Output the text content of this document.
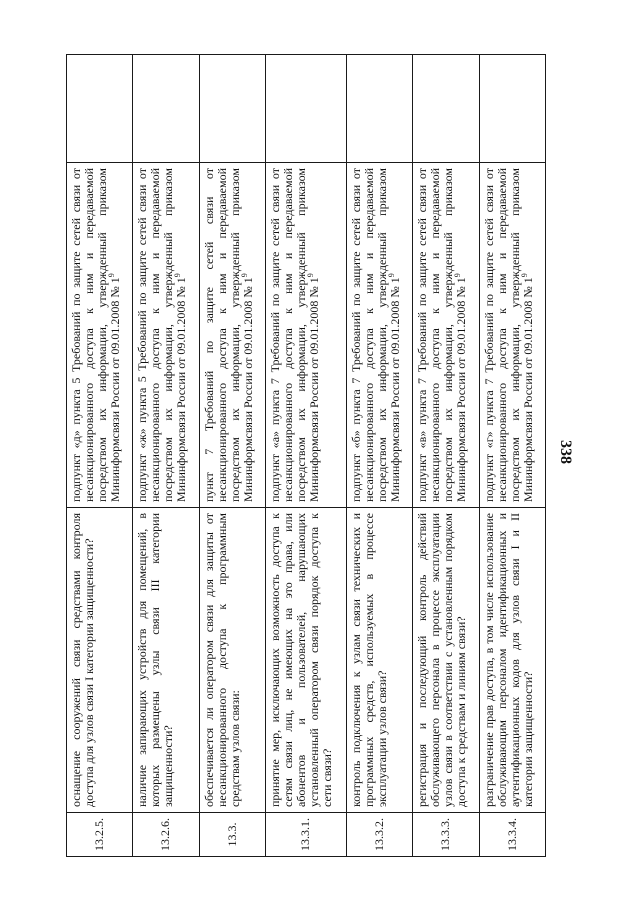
338
13.2.5.	оснащение сооружений связи средствами контроля доступа для узлов связи I категории защищенности?	подпункт «д» пункта 5 Требований по защите сетей связи от несанкционированного доступа к ним и передаваемой посредством их информации, утвержденный приказом Мининформсвязи России от 09.01.2008 № $1^9$	
13.2.6.	наличие запирающих устройств для помещений, в которых размещены узлы связи III категории защищенности?	подпункт «ж» пункта 5 Требований по защите сетей связи от несанкционированного доступа к ним и передаваемой посредством их информации, утвержденный приказом Мининформсвязи России от 09.01.2008 № $1^9$	
13.3.	обеспечивается ли оператором связи для защиты от несанкционированного доступа к программным средствам узлов связи:	пункт 7 Требований по защите сетей связи от несанкционированного доступа к ним и передаваемой посредством их информации, утвержденный приказом Мининформсвязи России от 09.01.2008 № $1^9$	
13.3.1.	принятие мер, исключающих возможность доступа к сетям связи лиц, не имеющих на это права, или абонентов и пользователей, нарушающих установленный оператором связи порядок доступа к сети связи?	подпункт «а» пункта 7 Требований по защите сетей связи от несанкционированного доступа к ним и передаваемой посредством их информации, утвержденный приказом Мининформсвязи России от 09.01.2008 № $1^9$	
13.3.2.	контроль подключения к узлам связи технических и программных средств, используемых в процессе эксплуатации узлов связи?	подпункт «б» пункта 7 Требований по защите сетей связи от несанкционированного доступа к ним и передаваемой посредством их информации, утвержденный приказом Мининформсвязи России от 09.01.2008 № $1^9$	
13.3.3.	регистрация и последующий контроль действий обслуживающего персонала в процессе эксплуатации узлов связи в соответствии с установленным порядком доступа к средствам и линиям связи?	подпункт «в» пункта 7 Требований по защите сетей связи от несанкционированного доступа к ним и передаваемой посредством их информации, утвержденный приказом Мининформсвязи России от 09.01.2008 № $1^9$	
13.3.4.	разграничение прав доступа, в том числе использование обслуживающим персоналом идентификационных и аутентификационных кодов для узлов связи I и II категории защищенности?	подпункт «г» пункта 7 Требований по защите сетей связи от несанкционированного доступа к ним и передаваемой посредством их информации, утвержденный приказом Мининформсвязи России от 09.01.2008 № $1^9$	
